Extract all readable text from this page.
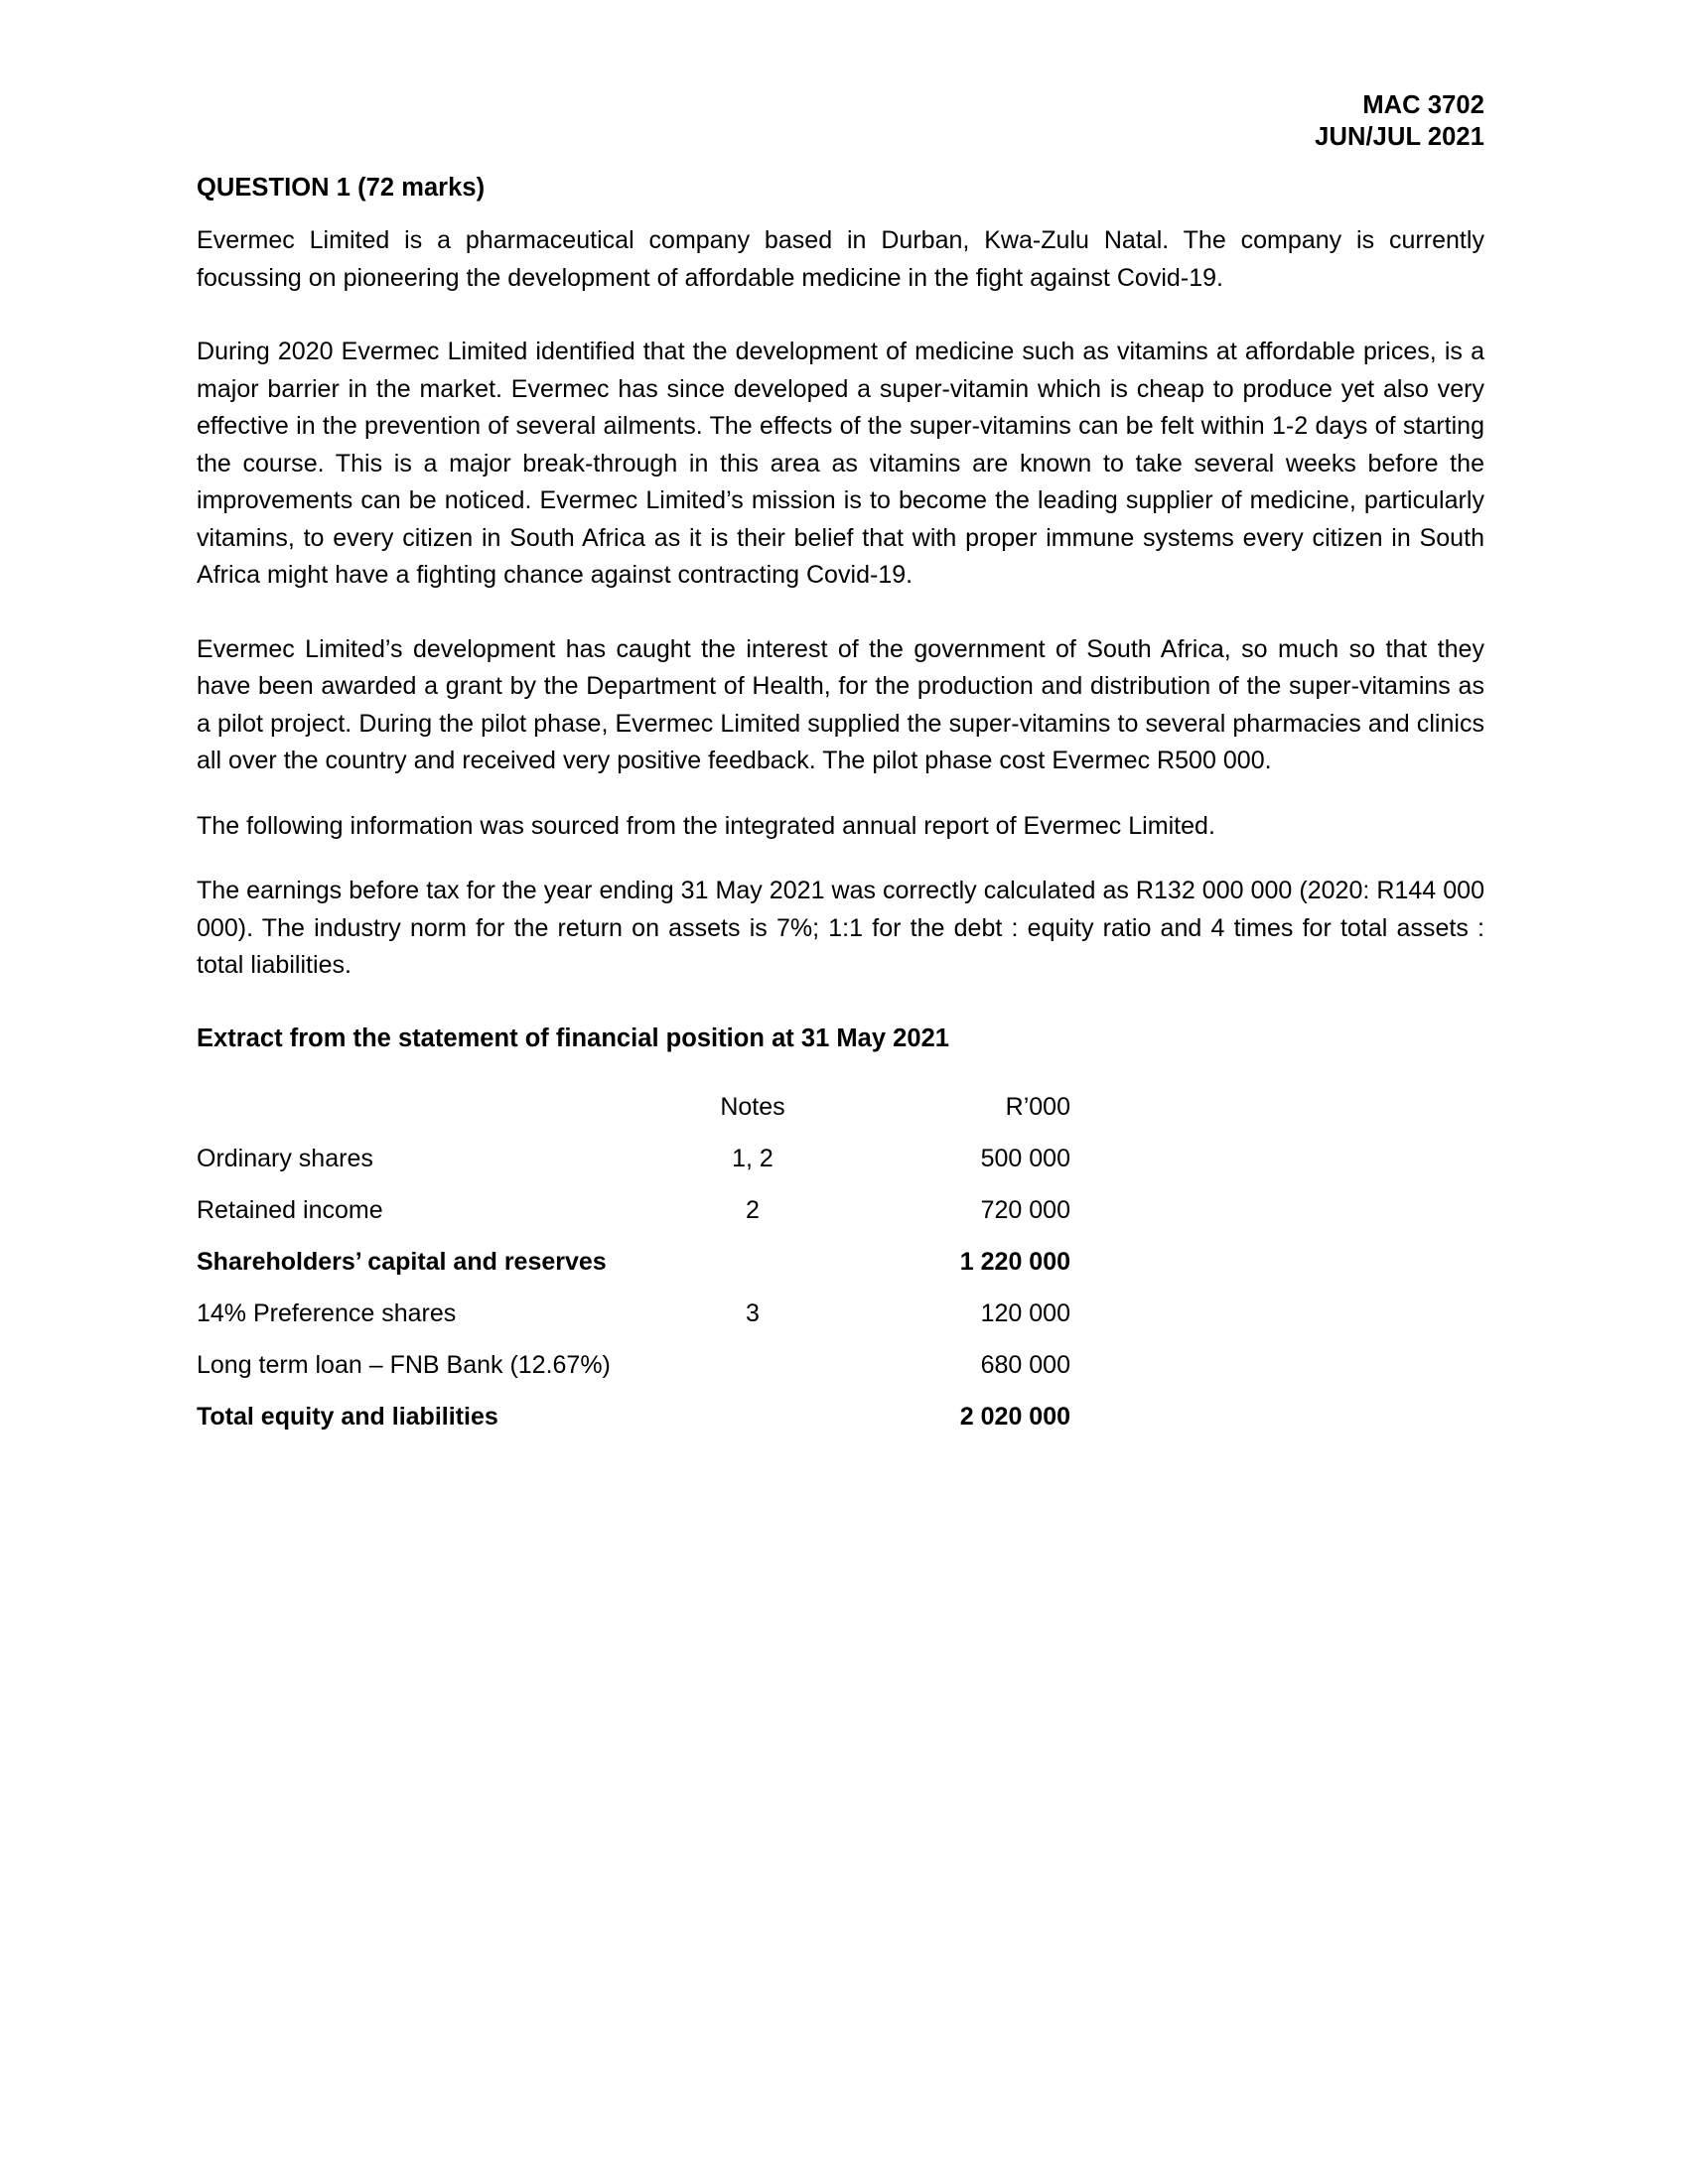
MAC 3702
JUN/JUL 2021
QUESTION 1 (72 marks)

Evermec Limited is a pharmaceutical company based in Durban, Kwa-Zulu Natal. The company is currently focussing on pioneering the development of affordable medicine in the fight against Covid-19.

During 2020 Evermec Limited identified that the development of medicine such as vitamins at affordable prices, is a major barrier in the market. Evermec has since developed a super-vitamin which is cheap to produce yet also very effective in the prevention of several ailments. The effects of the super-vitamins can be felt within 1-2 days of starting the course. This is a major break-through in this area as vitamins are known to take several weeks before the improvements can be noticed. Evermec Limited’s mission is to become the leading supplier of medicine, particularly vitamins, to every citizen in South Africa as it is their belief that with proper immune systems every citizen in South Africa might have a fighting chance against contracting Covid-19.

Evermec Limited’s development has caught the interest of the government of South Africa, so much so that they have been awarded a grant by the Department of Health, for the production and distribution of the super-vitamins as a pilot project. During the pilot phase, Evermec Limited supplied the super-vitamins to several pharmacies and clinics all over the country and received very positive feedback. The pilot phase cost Evermec R500 000.

The following information was sourced from the integrated annual report of Evermec Limited.

The earnings before tax for the year ending 31 May 2021 was correctly calculated as R132 000 000 (2020: R144 000 000). The industry norm for the return on assets is 7%; 1:1 for the debt : equity ratio and 4 times for total assets : total liabilities.

Extract from the statement of financial position at 31 May 2021
	Notes	R’000

Ordinary shares	1, 2	500 000
Retained income	2	720 000
Shareholders’ capital and reserves		1 220 000

14% Preference shares	3	120 000
Long term loan – FNB Bank (12.67%)		680 000
Total equity and liabilities		2 020 000
